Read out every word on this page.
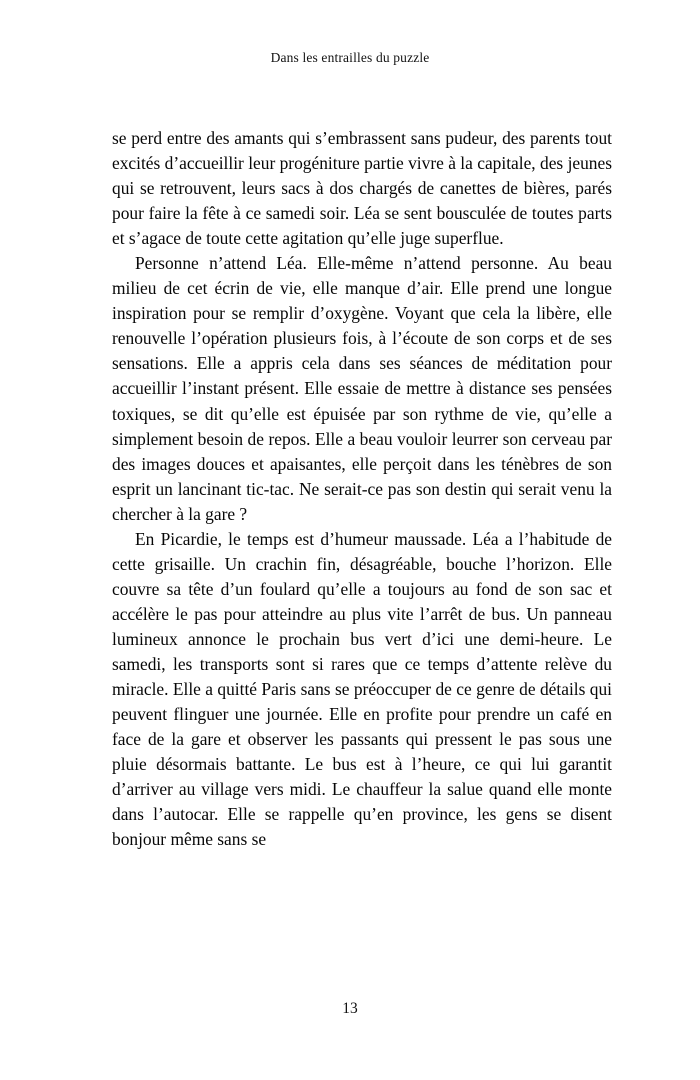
Dans les entrailles du puzzle

se perd entre des amants qui s’embrassent sans pudeur, des parents tout excités d’accueillir leur progéniture partie vivre à la capitale, des jeunes qui se retrouvent, leurs sacs à dos chargés de canettes de bières, parés pour faire la fête à ce samedi soir. Léa se sent bousculée de toutes parts et s’agace de toute cette agitation qu’elle juge superflue.

Personne n’attend Léa. Elle-même n’attend personne. Au beau milieu de cet écrin de vie, elle manque d’air. Elle prend une longue inspiration pour se remplir d’oxygène. Voyant que cela la libère, elle renouvelle l’opération plusieurs fois, à l’écoute de son corps et de ses sensations. Elle a appris cela dans ses séances de méditation pour accueillir l’instant présent. Elle essaie de mettre à distance ses pensées toxiques, se dit qu’elle est épuisée par son rythme de vie, qu’elle a simplement besoin de repos. Elle a beau vouloir leurrer son cerveau par des images douces et apaisantes, elle perçoit dans les ténèbres de son esprit un lancinant tic-tac. Ne serait-ce pas son destin qui serait venu la chercher à la gare ?

En Picardie, le temps est d’humeur maussade. Léa a l’habitude de cette grisaille. Un crachin fin, désagréable, bouche l’horizon. Elle couvre sa tête d’un foulard qu’elle a toujours au fond de son sac et accélère le pas pour atteindre au plus vite l’arrêt de bus. Un panneau lumineux annonce le prochain bus vert d’ici une demi-heure. Le samedi, les transports sont si rares que ce temps d’attente relève du miracle. Elle a quitté Paris sans se préoccuper de ce genre de détails qui peuvent flinguer une journée. Elle en profite pour prendre un café en face de la gare et observer les passants qui pressent le pas sous une pluie désormais battante. Le bus est à l’heure, ce qui lui garantit d’arriver au village vers midi. Le chauffeur la salue quand elle monte dans l’autocar. Elle se rappelle qu’en province, les gens se disent bonjour même sans se

13
